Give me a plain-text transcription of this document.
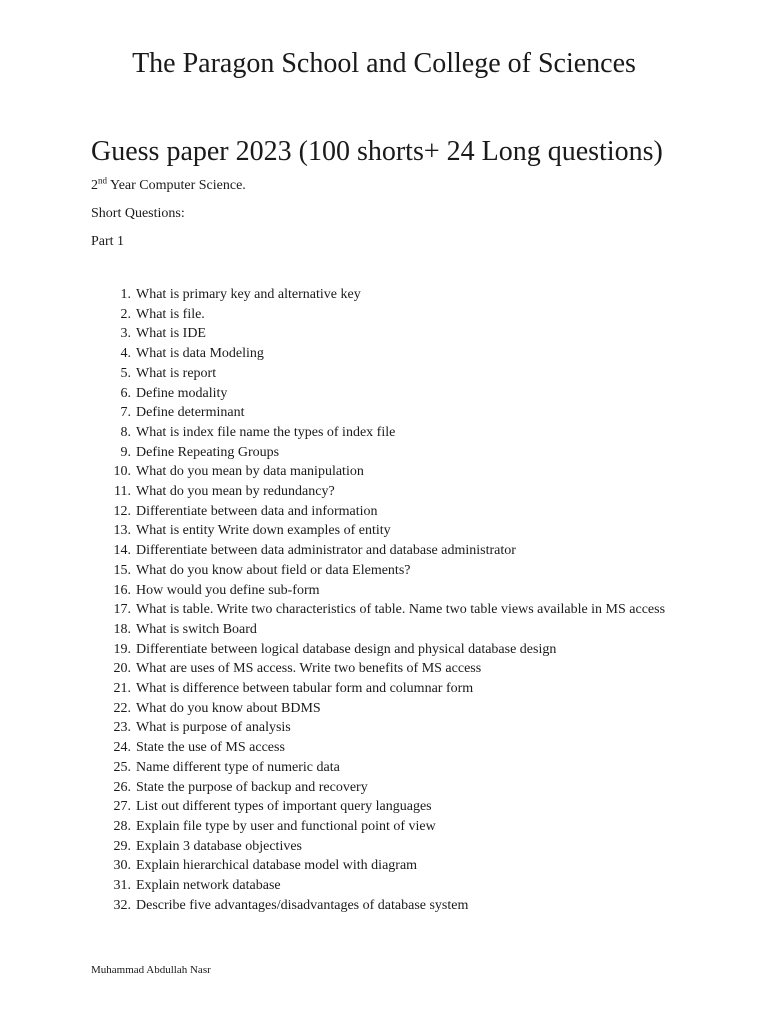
The Paragon School and College of Sciences
Guess paper 2023 (100 shorts+ 24 Long questions)
2nd Year Computer Science.
Short Questions:
Part 1
1. What is primary key and alternative key
2. What is file.
3. What is IDE
4. What is data Modeling
5. What is report
6. Define modality
7. Define determinant
8. What is index file name the types of index file
9. Define Repeating Groups
10. What do you mean by data manipulation
11. What do you mean by redundancy?
12. Differentiate between data and information
13. What is entity Write down examples of entity
14. Differentiate between data administrator and database administrator
15. What do you know about field or data Elements?
16. How would you define sub-form
17. What is table. Write two characteristics of table. Name two table views available in MS access
18. What is switch Board
19. Differentiate between logical database design and physical database design
20. What are uses of MS access. Write two benefits of MS access
21. What is difference between tabular form and columnar form
22. What do you know about BDMS
23. What is purpose of analysis
24. State the use of MS access
25. Name different type of numeric data
26. State the purpose of backup and recovery
27. List out different types of important query languages
28. Explain file type by user and functional point of view
29. Explain 3 database objectives
30. Explain hierarchical database model with diagram
31. Explain network database
32. Describe five advantages/disadvantages of database system
Muhammad Abdullah Nasr
